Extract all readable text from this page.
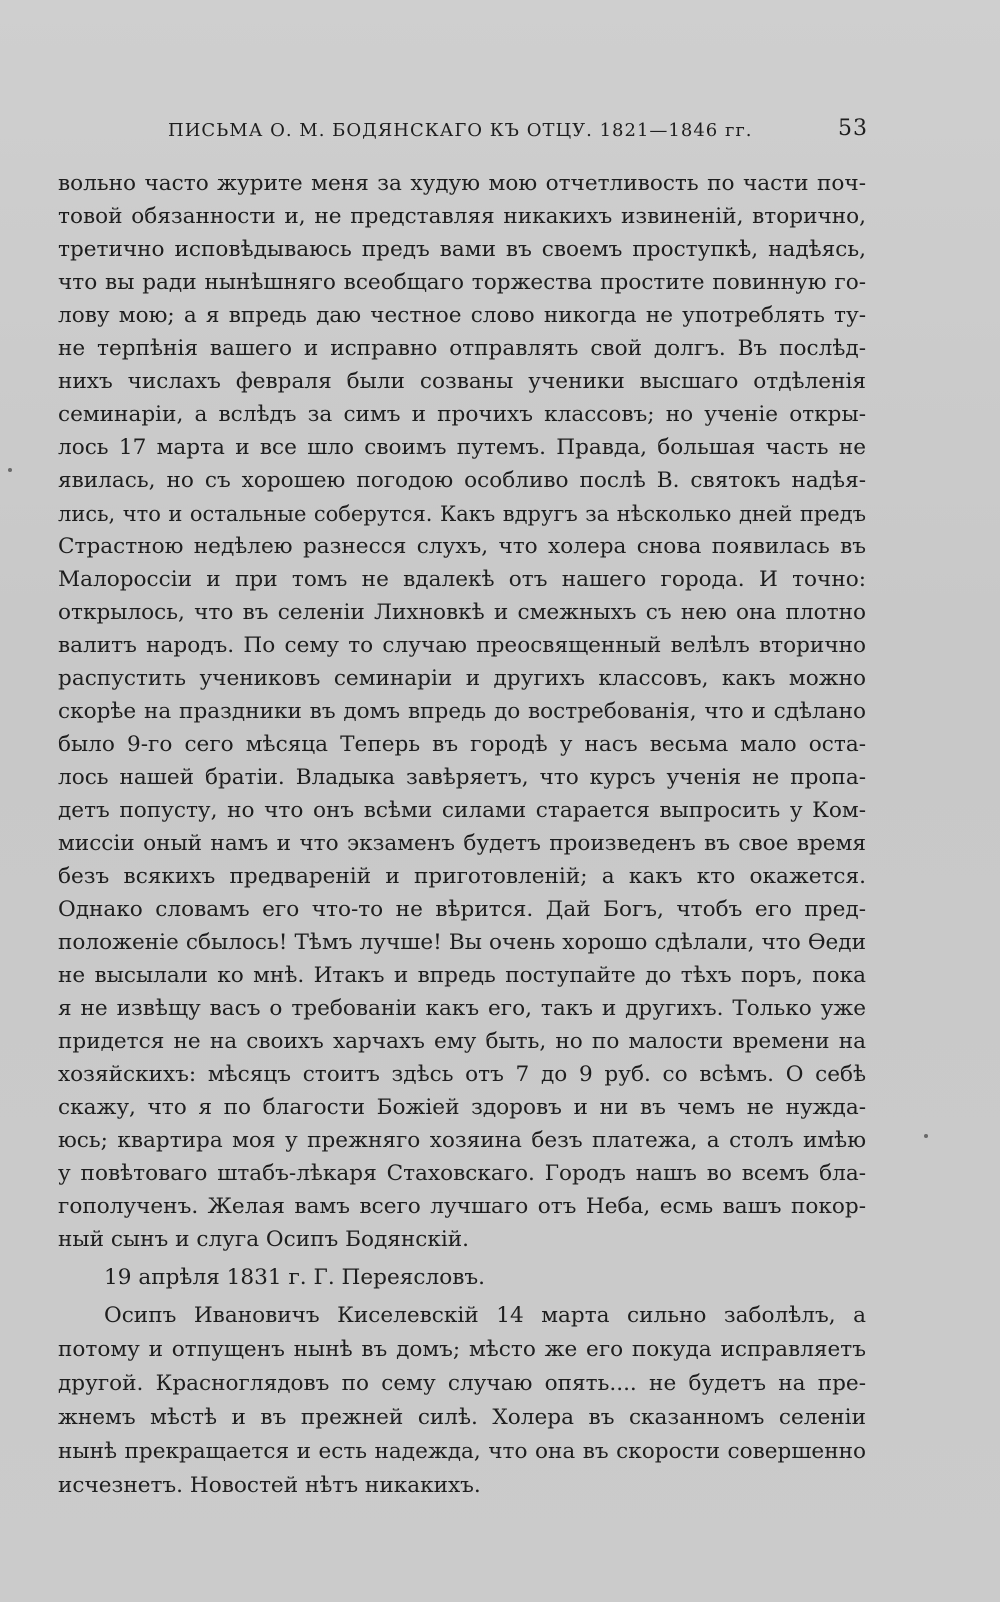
ПИСЬМА О. М. БОДЯНСКАГО КЪ ОТЦУ. 1821—1846 гг.	53
вольно часто журите меня за худую мою отчетливость по части поч-
товой обязанности и, не представляя никакихъ извиненій, вторично,
третично исповѣдываюсь предъ вами въ своемъ проступкѣ, надѣясь,
что вы ради нынѣшняго всеобщаго торжества простите повинную го-
лову мою; а я впредь даю честное слово никогда не употреблять ту-
не терпѣнія вашего и исправно отправлять свой долгъ. Въ послѣд-
нихъ числахъ февраля были созваны ученики высшаго отдѣленія
семинаріи, а вслѣдъ за симъ и прочихъ классовъ; но ученіе откры-
лось 17 марта и все шло своимъ путемъ. Правда, большая часть не
явилась, но съ хорошею погодою особливо послѣ В. святокъ надѣя-
лись, что и остальные соберутся. Какъ вдругъ за нѣсколько дней предъ
Страстною недѣлею разнесся слухъ, что холера снова появилась въ
Малороссіи и при томъ не вдалекѣ отъ нашего города. И точно:
открылось, что въ селеніи Лихновкѣ и смежныхъ съ нею она плотно
валитъ народъ. По сему то случаю преосвященный велѣлъ вторично
распустить учениковъ семинаріи и другихъ классовъ, какъ можно
скорѣе на праздники въ домъ впредь до востребованія, что и сдѣлано
было 9-го сего мѣсяца Теперь въ городѣ у насъ весьма мало оста-
лось нашей братіи. Владыка завѣряетъ, что курсъ ученія не пропа-
детъ попусту, но что онъ всѣми силами старается выпросить у Ком-
миссіи оный намъ и что экзаменъ будетъ произведенъ въ свое время
безъ всякихъ предвареній и приготовленій; а какъ кто окажется.
Однако словамъ его что-то не вѣрится. Дай Богъ, чтобъ его пред-
положеніе сбылось! Тѣмъ лучше! Вы очень хорошо сдѣлали, что Ѳеди
не высылали ко мнѣ. Итакъ и впредь поступайте до тѣхъ поръ, пока
я не извѣщу васъ о требованіи какъ его, такъ и другихъ. Только уже
придется не на своихъ харчахъ ему быть, но по малости времени на
хозяйскихъ: мѣсяцъ стоитъ здѣсь отъ 7 до 9 руб. со всѣмъ. О себѣ
скажу, что я по благости Божіей здоровъ и ни въ чемъ не нужда-
юсь; квартира моя у прежняго хозяина безъ платежа, а столъ имѣю
у повѣтоваго штабъ-лѣкаря Стаховскаго. Городъ нашъ во всемъ бла-
гополученъ. Желая вамъ всего лучшаго отъ Неба, есмь вашъ покор-
ный сынъ и слуга Осипъ Бодянскій.
19 апрѣля 1831 г. Г. Переясловъ.
Осипъ Ивановичъ Киселевскій 14 марта сильно заболѣлъ, а
потому и отпущенъ нынѣ въ домъ; мѣсто же его покуда исправляетъ
другой. Краснoглядовъ по сему случаю опять.... не будетъ на пре-
жнемъ мѣстѣ и въ прежней силѣ. Холера въ сказанномъ селеніи
нынѣ прекращается и есть надежда, что она въ скорости совершенно
исчезнетъ. Новостей нѣтъ никакихъ.
